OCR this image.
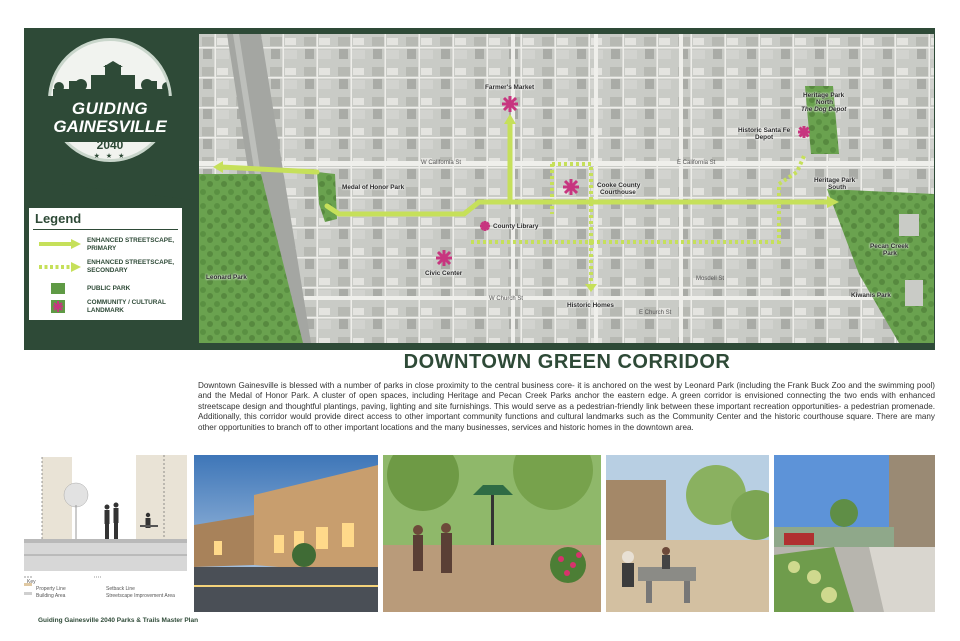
GUIDING
GAINESVILLE
2040
★ ★ ★
Legend
ENHANCED STREETSCAPE, PRIMARY
ENHANCED STREETSCAPE, SECONDARY
PUBLIC PARK
COMMUNITY / CULTURAL LANDMARK
Farmer's Market
Heritage Park
North
The Dog Depot
Historic Santa Fe
Depot
Heritage Park
South
Cooke County
Courthouse
Medal of Honor Park
County Library
Civic Center
Leonard Park
Historic Homes
Pecan Creek
Park
Kiwanis Park
W California St	E California St
W Church St
E Church St
Mosdell St
DOWNTOWN GREEN CORRIDOR
Downtown Gainesville is blessed with a number of parks in close proximity to the central business core- it is anchored on the west by Leonard Park (including the Frank Buck Zoo and the swimming pool) and the Medal of Honor Park. A cluster of open spaces, including Heritage and Pecan Creek Parks anchor the eastern edge. A green corridor is envisioned connecting the two ends with enhanced streetscape design and thoughtful plantings, paving, lighting and site furnishings. This would serve as a pedestrian-friendly link between these important recreation opportunities- a pedestrian promenade. Additionally, this corridor would provide direct access to other important community functions and cultural landmarks such as the Community Center and the historic courthouse square. There are many other opportunities to branch off to other important locations and the many businesses, services and historic homes in the downtown area.
Key
Property Line	Setback Line
Building Area	Streetscape Improvement Area
Guiding Gainesville 2040 Parks & Trails Master Plan
